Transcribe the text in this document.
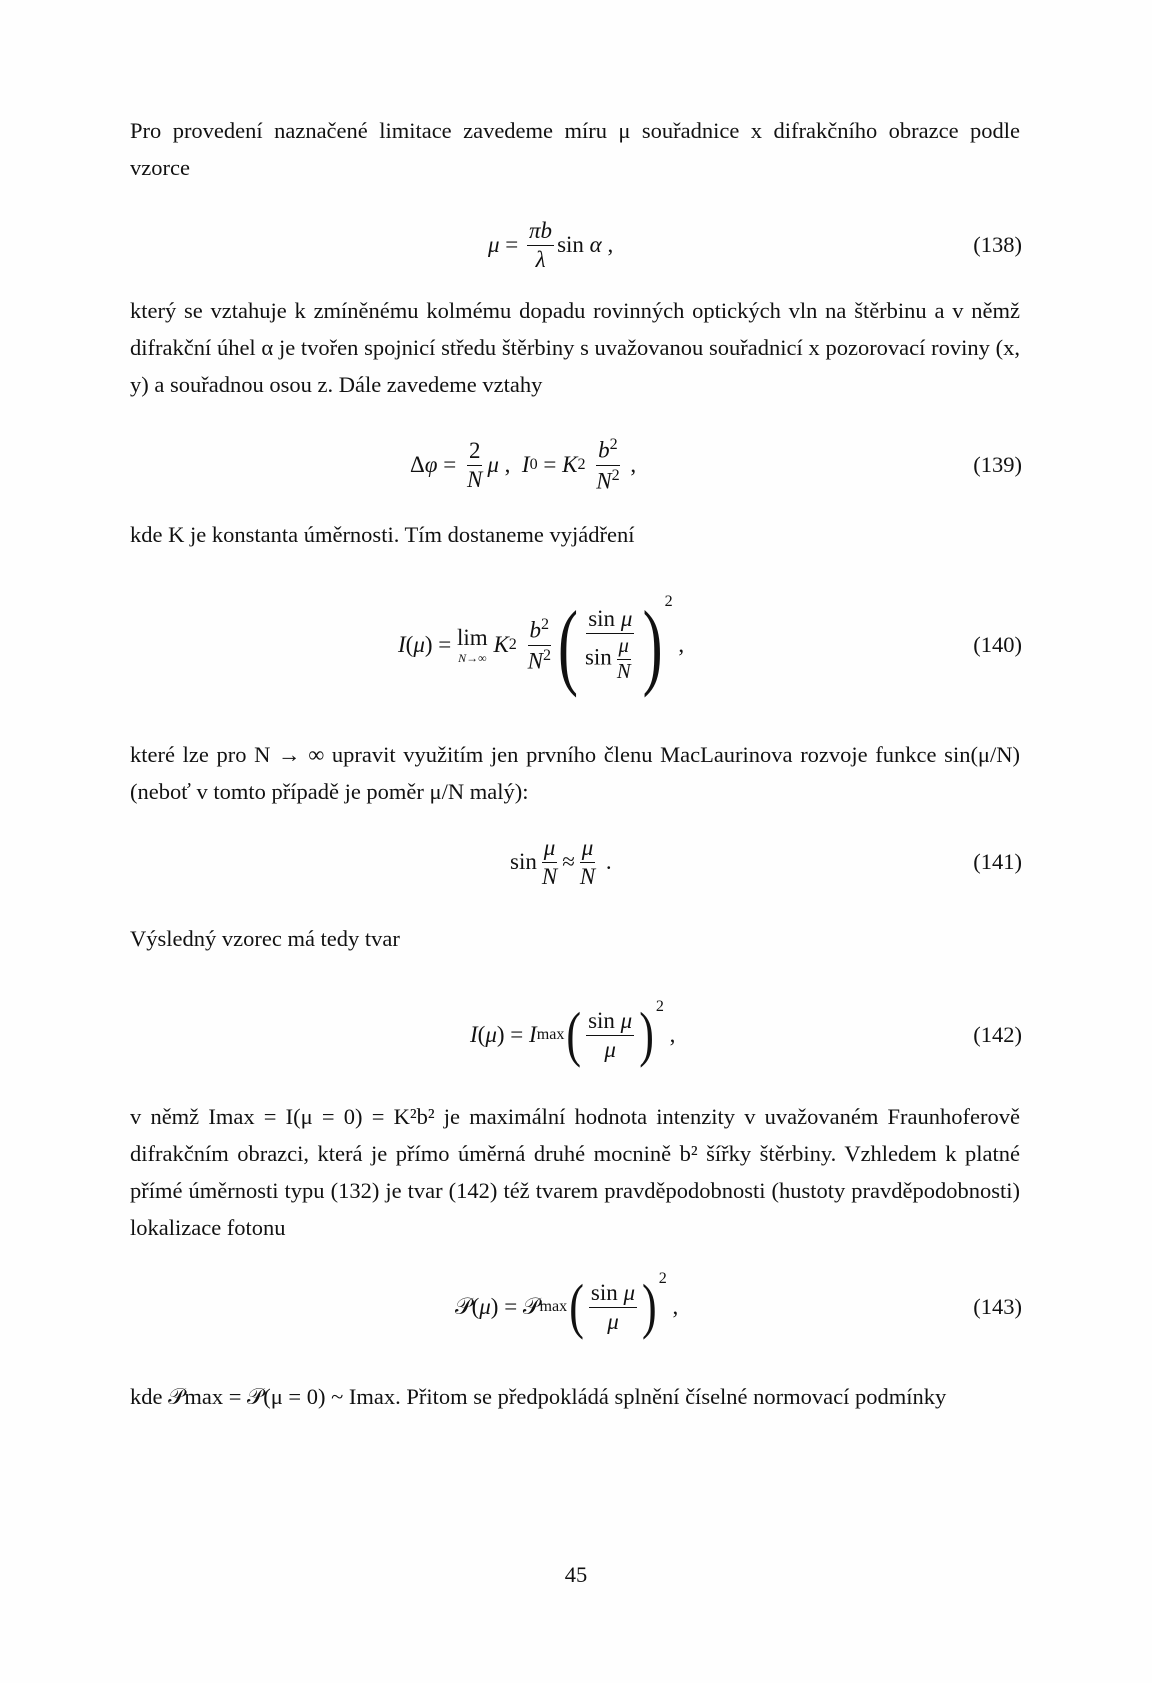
Pro provedení naznačené limitace zavedeme míru μ souřadnice x difrakčního obrazce podle vzorce

$\mu = \frac{\pi b}{\lambda}$ sin α ,	(138)

který se vztahuje k zmíněnému kolmému dopadu rovinných optických vln na štěrbinu a v němž difrakční úhel α je tvořen spojnicí středu štěrbiny s uvažovanou souřadnicí x pozorovací roviny (x, y) a souřadnou osou z. Dále zavedeme vztahy

Δ $\varphi = \frac{2}{N}$ μ , I 0 = K 2
$\frac{b^2}{N^2}$ ,	(139)

kde K je konstanta úměrnosti. Tím dostaneme vyjádření

I ( μ ) = lim
N→∞

K 2
$\frac{b^2}{N^2}$ ( $\frac{\text{sin μ}}{\sin \frac{\mu}{N}} )^2$
,	(140)

které lze pro N → ∞ upravit využitím jen prvního členu MacLaurinova rozvoje funkce sin(μ/N) (neboť v tomto případě je poměr μ/N malý):

$\sin \frac{\mu}{N} \approx \frac{\mu}{N}$ .	(141)

Výsledný vzorec má tedy tvar

I ( μ ) = I max ( $\frac{\text{sin μ}}{\mu} )^2$
,	(142)

v němž Imax = I(μ = 0) = K²b² je maximální hodnota intenzity v uvažovaném Fraunhoferově difrakčním obrazci, která je přímo úměrná druhé mocnině b² šířky štěrbiny. Vzhledem k platné přímé úměrnosti typu (132) je tvar (142) též tvarem pravděpodobnosti (hustoty pravděpodobnosti) lokalizace fotonu

𝒫( μ ) = 𝒫 max ( $\frac{\text{sin μ}}{\mu} )^2$
,	(143)

kde 𝒫max = 𝒫(μ = 0) ~ Imax. Přitom se předpokládá splnění číselné normovací podmínky

45
